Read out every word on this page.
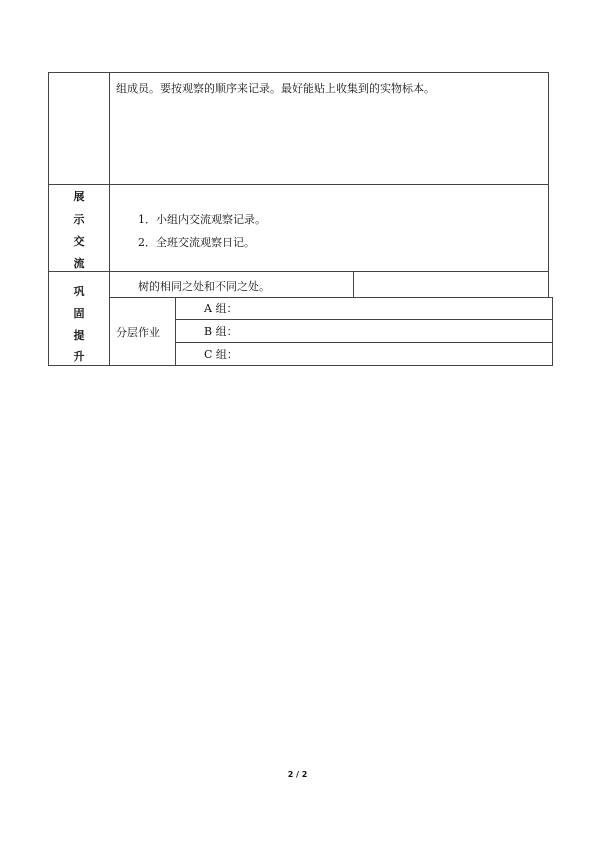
组成员。要按观察的顺序来记录。最好能贴上收集到的实物标本。
展
示
交
流
1．小组内交流观察记录。
2．全班交流观察日记。
巩
固
提
升
树的相同之处和不同之处。
分层作业
A 组：
B 组：
C 组：
2 / 2
